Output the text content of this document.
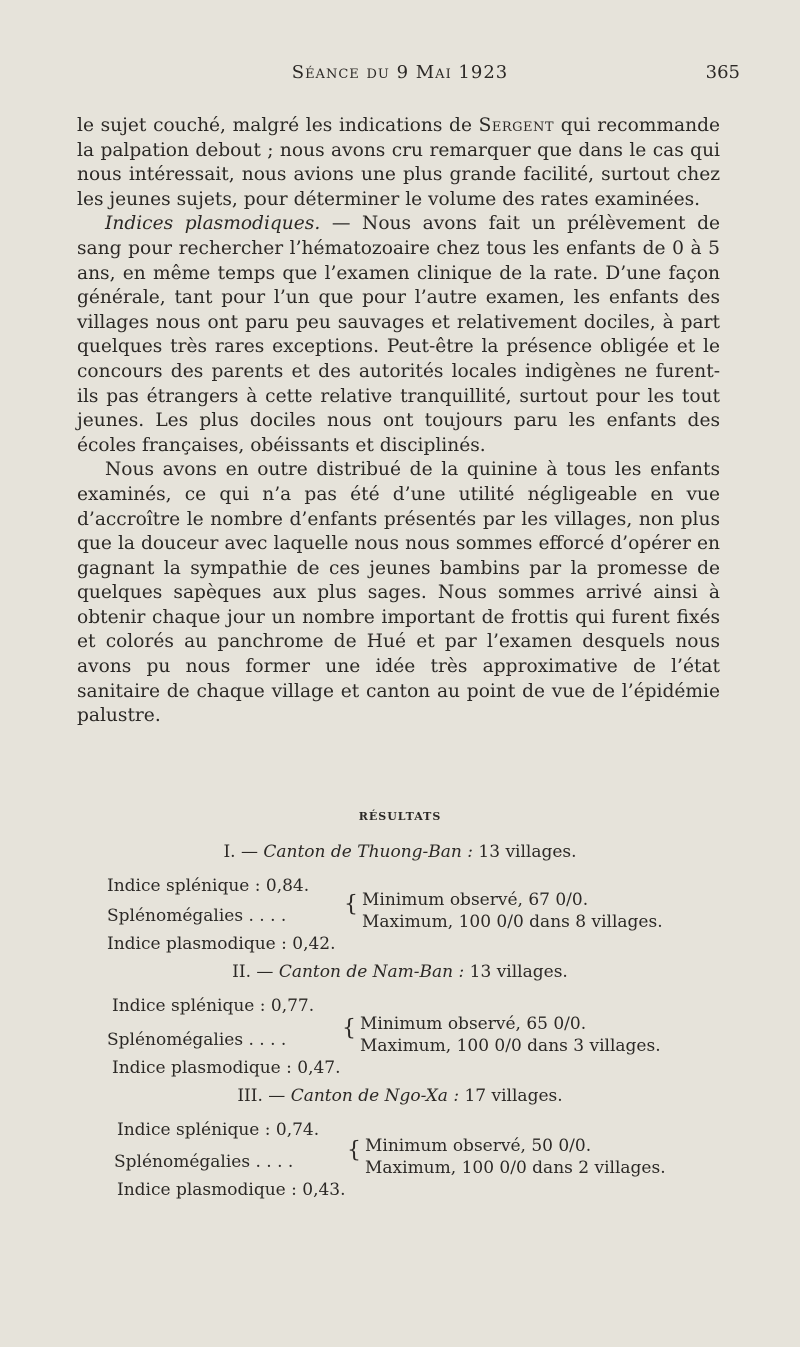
Séance du 9 Mai 1923	365

le sujet couché, malgré les indications de Sergent qui recommande la palpation debout ; nous avons cru remarquer que dans le cas qui nous intéressait, nous avions une plus grande facilité, surtout chez les jeunes sujets, pour déterminer le volume des rates examinées.

Indices plasmodiques. — Nous avons fait un prélèvement de sang pour rechercher l’hématozoaire chez tous les enfants de 0 à 5 ans, en même temps que l’examen clinique de la rate. D’une façon générale, tant pour l’un que pour l’autre examen, les enfants des villages nous ont paru peu sauvages et relativement dociles, à part quelques très rares exceptions. Peut-être la présence obligée et le concours des parents et des autorités locales indigènes ne furent-ils pas étrangers à cette relative tranquillité, surtout pour les tout jeunes. Les plus dociles nous ont toujours paru les enfants des écoles françaises, obéissants et disciplinés.

Nous avons en outre distribué de la quinine à tous les enfants examinés, ce qui n’a pas été d’une utilité négligeable en vue d’accroître le nombre d’enfants présentés par les villages, non plus que la douceur avec laquelle nous nous sommes efforcé d’opérer en gagnant la sympathie de ces jeunes bambins par la promesse de quelques sapèques aux plus sages. Nous sommes arrivé ainsi à obtenir chaque jour un nombre important de frottis qui furent fixés et colorés au panchrome de Hué et par l’examen desquels nous avons pu nous former une idée très approximative de l’état sanitaire de chaque village et canton au point de vue de l’épidémie palustre.

RÉSULTATS
I. — Canton de Thuong-Ban : 13 villages.
Indice splénique : 0,84.
Splénomégalies . . . .	{ Minimum observé, 67 0/0.
Maximum, 100 0/0 dans 8 villages.
Indice plasmodique : 0,42.
II. — Canton de Nam-Ban : 13 villages.
Indice splénique : 0,77.
Splénomégalies . . . .	{ Minimum observé, 65 0/0.
Maximum, 100 0/0 dans 3 villages.
Indice plasmodique : 0,47.
III. — Canton de Ngo-Xa : 17 villages.
Indice splénique : 0,74.
Splénomégalies . . . . { Minimum observé, 50 0/0.
Maximum, 100 0/0 dans 2 villages.
Indice plasmodique : 0,43.
